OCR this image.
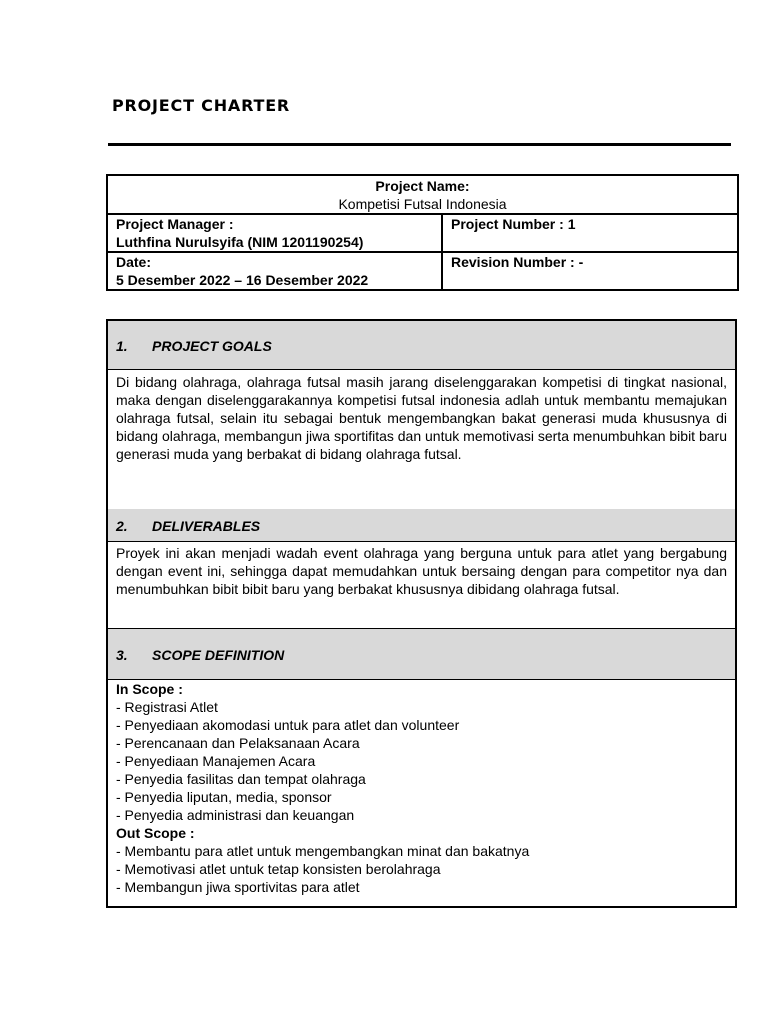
PROJECT CHARTER
Project Name:
Kompetisi Futsal Indonesia	

Project Manager :
Luthfina Nurulsyifa (NIM 1201190254)	Project Number : 1

Date:
5 Desember 2022 – 16 Desember 2022	Revision Number : -
1. PROJECT GOALS
Di bidang olahraga, olahraga futsal masih jarang diselenggarakan kompetisi di tingkat nasional, maka dengan diselenggarakannya kompetisi futsal indonesia adlah untuk membantu memajukan olahraga futsal, selain itu sebagai bentuk mengembangkan bakat generasi muda khususnya di bidang olahraga, membangun jiwa sportifitas dan untuk memotivasi serta menumbuhkan bibit baru generasi muda yang berbakat di bidang olahraga futsal.
2. DELIVERABLES
Proyek ini akan menjadi wadah event olahraga yang berguna untuk para atlet yang bergabung dengan event ini, sehingga dapat memudahkan untuk bersaing dengan para competitor nya dan menumbuhkan bibit bibit baru yang berbakat khususnya dibidang olahraga futsal.
3. SCOPE DEFINITION
In Scope :
- Registrasi Atlet
- Penyediaan akomodasi untuk para atlet dan volunteer
- Perencanaan dan Pelaksanaan Acara
- Penyediaan Manajemen Acara
- Penyedia fasilitas dan tempat olahraga
- Penyedia liputan, media, sponsor
- Penyedia administrasi dan keuangan
Out Scope :
- Membantu para atlet untuk mengembangkan minat dan bakatnya
- Memotivasi atlet untuk tetap konsisten berolahraga
- Membangun jiwa sportivitas para atlet
